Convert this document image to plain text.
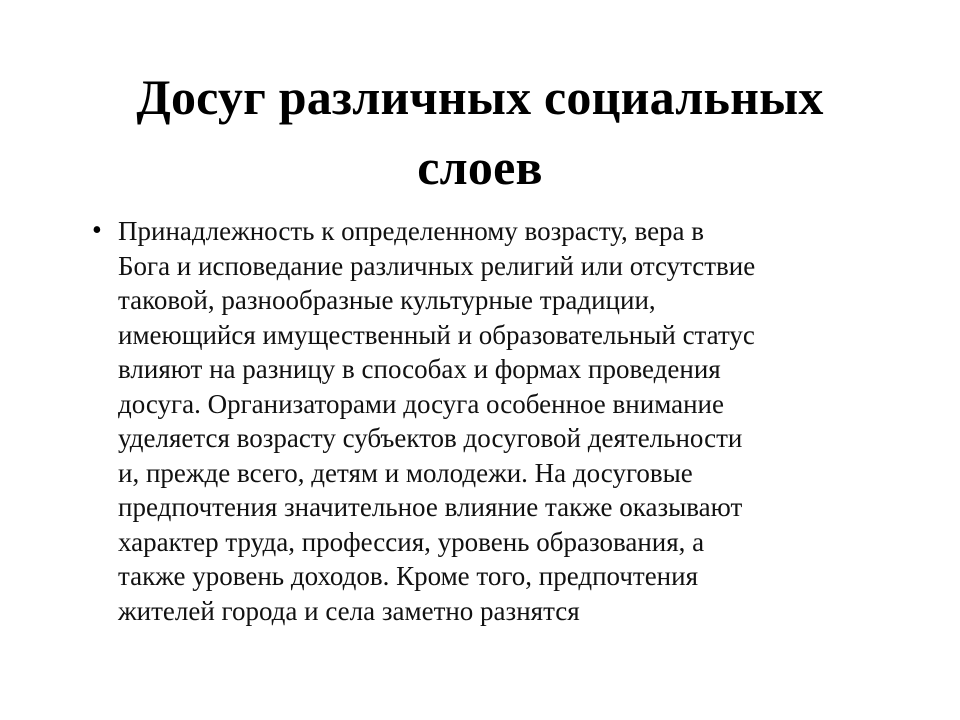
Досуг различных социальных
слоев
• Принадлежность к определенному возрасту, вера в
Бога и исповедание различных религий или отсутствие
таковой, разнообразные культурные традиции,
имеющийся имущественный и образовательный статус
влияют на разницу в способах и формах проведения
досуга. Организаторами досуга особенное внимание
уделяется возрасту субъектов досуговой деятельности
и, прежде всего, детям и молодежи. На досуговые
предпочтения значительное влияние также оказывают
характер труда, профессия, уровень образования, а
также уровень доходов. Кроме того, предпочтения
жителей города и села заметно разнятся
